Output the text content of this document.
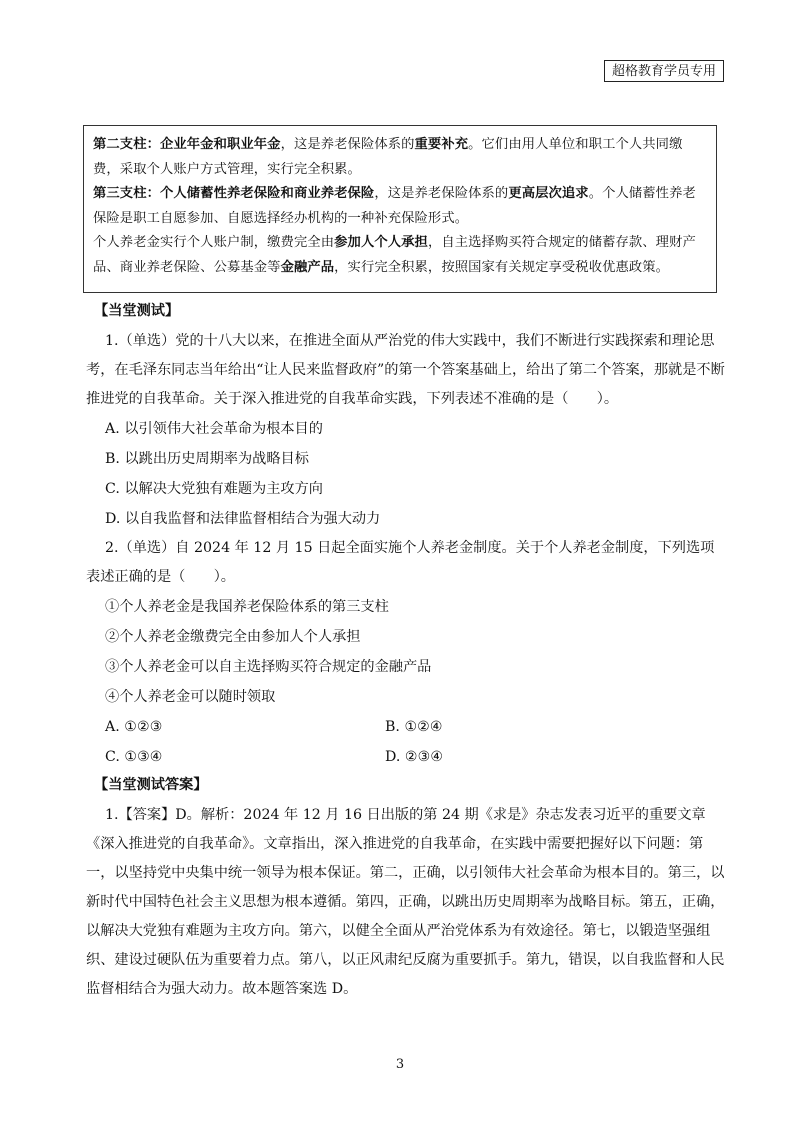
超格教育学员专用

第二支柱：企业年金和职业年金，这是养老保险体系的重要补充。它们由用人单位和职工个人共同缴费，采取个人账户方式管理，实行完全积累。

第三支柱：个人储蓄性养老保险和商业养老保险，这是养老保险体系的更高层次追求。个人储蓄性养老保险是职工自愿参加、自愿选择经办机构的一种补充保险形式。

个人养老金实行个人账户制，缴费完全由参加人个人承担，自主选择购买符合规定的储蓄存款、理财产品、商业养老保险、公募基金等金融产品，实行完全积累，按照国家有关规定享受税收优惠政策。

【当堂测试】

1.（单选）党的十八大以来，在推进全面从严治党的伟大实践中，我们不断进行实践探索和理论思考，在毛泽东同志当年给出“让人民来监督政府”的第一个答案基础上，给出了第二个答案，那就是不断推进党的自我革命。关于深入推进党的自我革命实践，下列表述不准确的是（　　）。

A. 以引领伟大社会革命为根本目的

B. 以跳出历史周期率为战略目标

C. 以解决大党独有难题为主攻方向

D. 以自我监督和法律监督相结合为强大动力

2.（单选）自 2024 年 12 月 15 日起全面实施个人养老金制度。关于个人养老金制度，下列选项表述正确的是（　　）。

①个人养老金是我国养老保险体系的第三支柱

②个人养老金缴费完全由参加人个人承担

③个人养老金可以自主选择购买符合规定的金融产品

④个人养老金可以随时领取

A. ①②③	B. ①②④
C. ①③④	D. ②③④

【当堂测试答案】

1.【答案】D。解析：2024 年 12 月 16 日出版的第 24 期《求是》杂志发表习近平的重要文章《深入推进党的自我革命》。文章指出，深入推进党的自我革命，在实践中需要把握好以下问题：第一，以坚持党中央集中统一领导为根本保证。第二，正确，以引领伟大社会革命为根本目的。第三，以新时代中国特色社会主义思想为根本遵循。第四，正确，以跳出历史周期率为战略目标。第五，正确，以解决大党独有难题为主攻方向。第六，以健全全面从严治党体系为有效途径。第七，以锻造坚强组织、建设过硬队伍为重要着力点。第八，以正风肃纪反腐为重要抓手。第九，错误，以自我监督和人民监督相结合为强大动力。故本题答案选 D。

3
